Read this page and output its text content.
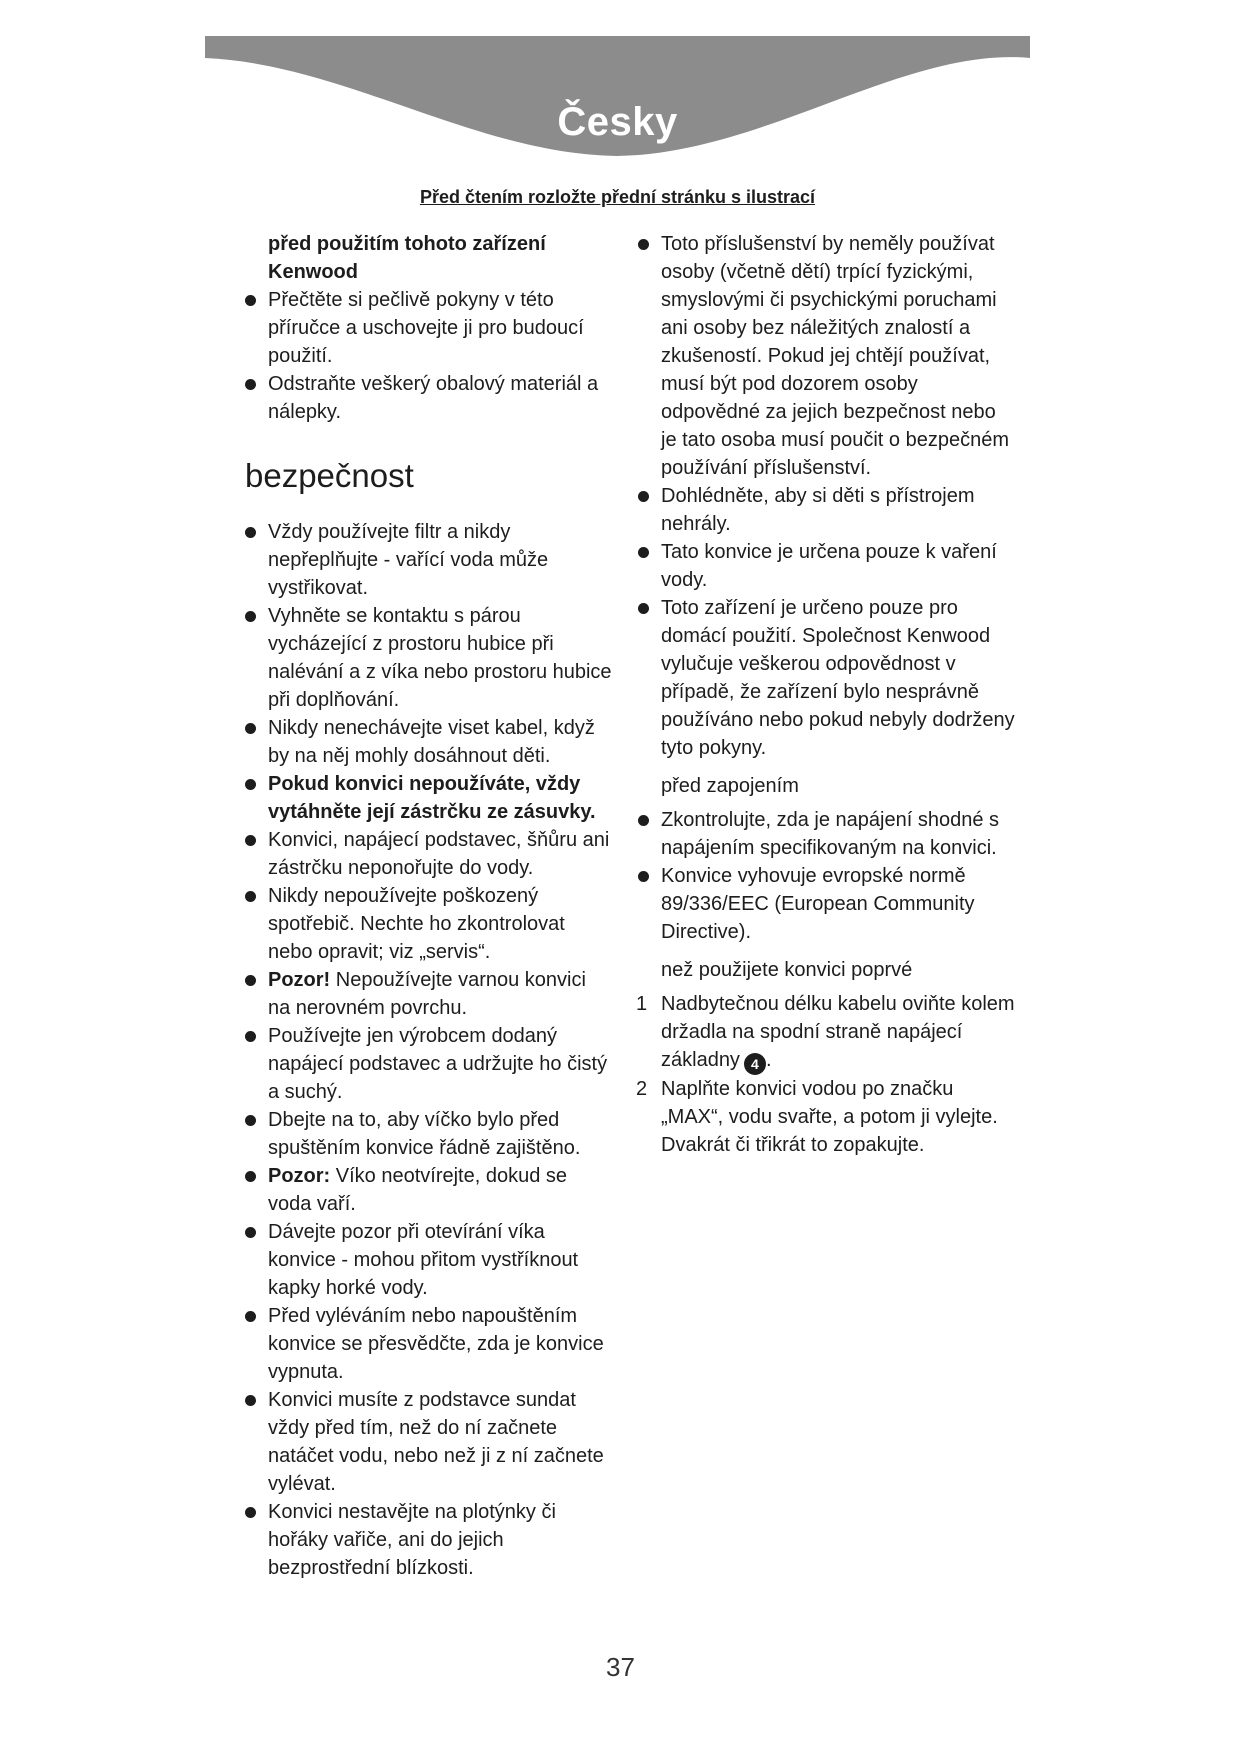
Česky
Před čtením rozložte přední stránku s ilustrací

před použitím tohoto zařízení Kenwood

Přečtěte si pečlivě pokyny v této příručce a uschovejte ji pro budoucí použití.
Odstraňte veškerý obalový materiál a nálepky.
bezpečnost
Vždy používejte filtr a nikdy nepřeplňujte - vařící voda může vystřikovat.
Vyhněte se kontaktu s párou vycházející z prostoru hubice při nalévání a z víka nebo prostoru hubice při doplňování.
Nikdy nenechávejte viset kabel, když by na něj mohly dosáhnout děti.
Pokud konvici nepoužíváte, vždy vytáhněte její zástrčku ze zásuvky.
Konvici, napájecí podstavec, šňůru ani zástrčku neponořujte do vody.
Nikdy nepoužívejte poškozený spotřebič. Nechte ho zkontrolovat nebo opravit; viz „servis“.
Pozor! Nepoužívejte varnou konvici na nerovném povrchu.
Používejte jen výrobcem dodaný napájecí podstavec a udržujte ho čistý a suchý.
Dbejte na to, aby víčko bylo před spuštěním konvice řádně zajištěno.
Pozor: Víko neotvírejte, dokud se voda vaří.
Dávejte pozor při otevírání víka konvice - mohou přitom vystříknout kapky horké vody.
Před vyléváním nebo napouštěním konvice se přesvědčte, zda je konvice vypnuta.
Konvici musíte z podstavce sundat vždy před tím, než do ní začnete natáčet vodu, nebo než ji z ní začnete vylévat.
Konvici nestavějte na plotýnky či hořáky vařiče, ani do jejich bezprostřední blízkosti.
Toto příslušenství by neměly používat osoby (včetně dětí) trpící fyzickými, smyslovými či psychickými poruchami ani osoby bez náležitých znalostí a zkušeností. Pokud jej chtějí používat, musí být pod dozorem osoby odpovědné za jejich bezpečnost nebo je tato osoba musí poučit o bezpečném používání příslušenství.
Dohlédněte, aby si děti s přístrojem nehrály.
Tato konvice je určena pouze k vaření vody.
Toto zařízení je určeno pouze pro domácí použití. Společnost Kenwood vylučuje veškerou odpovědnost v případě, že zařízení bylo nesprávně používáno nebo pokud nebyly dodrženy tyto pokyny.

před zapojením

Zkontrolujte, zda je napájení shodné s napájením specifikovaným na konvici.
Konvice vyhovuje evropské normě 89/336/EEC (European Community Directive).

než použijete konvici poprvé

1 Nadbytečnou délku kabelu oviňte kolem držadla na spodní straně napájecí základny 4 .
2 Naplňte konvici vodou po značku „MAX“, vodu svařte, a potom ji vylejte. Dvakrát či třikrát to zopakujte.
37
